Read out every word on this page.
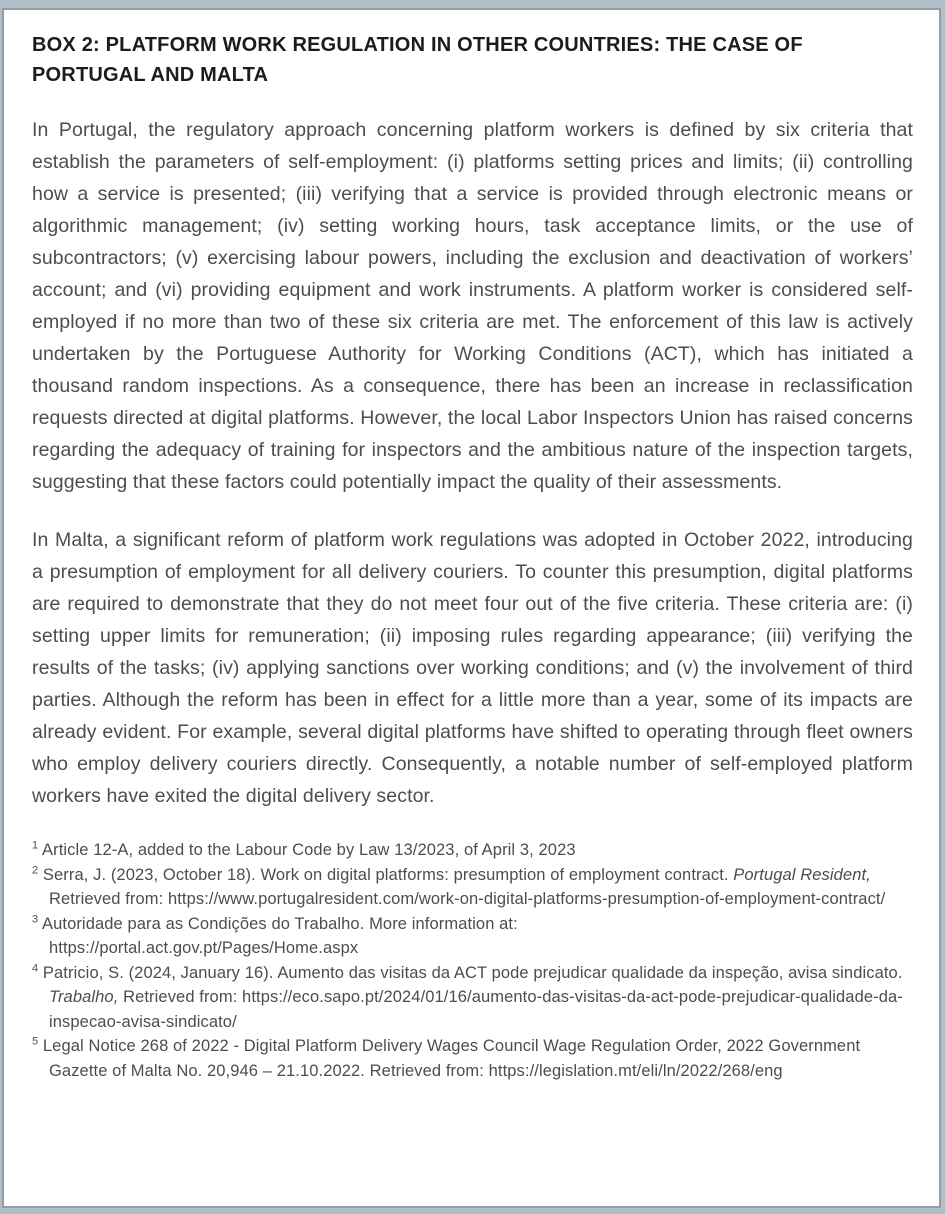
BOX 2: PLATFORM WORK REGULATION IN OTHER COUNTRIES: THE CASE OF PORTUGAL AND MALTA

In Portugal, the regulatory approach concerning platform workers is defined by six criteria that establish the parameters of self-employment: (i) platforms setting prices and limits; (ii) controlling how a service is presented; (iii) verifying that a service is provided through electronic means or algorithmic management; (iv) setting working hours, task acceptance limits, or the use of subcontractors; (v) exercising labour powers, including the exclusion and deactivation of workers’ account; and (vi) providing equipment and work instruments. A platform worker is considered self-employed if no more than two of these six criteria are met. The enforcement of this law is actively undertaken by the Portuguese Authority for Working Conditions (ACT), which has initiated a thousand random inspections. As a consequence, there has been an increase in reclassification requests directed at digital platforms. However, the local Labor Inspectors Union has raised concerns regarding the adequacy of training for inspectors and the ambitious nature of the inspection targets, suggesting that these factors could potentially impact the quality of their assessments.

In Malta, a significant reform of platform work regulations was adopted in October 2022, introducing a presumption of employment for all delivery couriers. To counter this presumption, digital platforms are required to demonstrate that they do not meet four out of the five criteria. These criteria are: (i) setting upper limits for remuneration; (ii) imposing rules regarding appearance; (iii) verifying the results of the tasks; (iv) applying sanctions over working conditions; and (v) the involvement of third parties. Although the reform has been in effect for a little more than a year, some of its impacts are already evident. For example, several digital platforms have shifted to operating through fleet owners who employ delivery couriers directly. Consequently, a notable number of self-employed platform workers have exited the digital delivery sector.

$^1$ Article 12-A, added to the Labour Code by Law 13/2023, of April 3, 2023
$^2$ Serra, J. (2023, October 18). Work on digital platforms: presumption of employment contract. Portugal Resident, Retrieved from: https://www.portugalresident.com/work-on-digital-platforms-presumption-of-employment-contract/
$^3$ Autoridade para as Condições do Trabalho. More information at:
https://portal.act.gov.pt/Pages/Home.aspx
$^4$ Patricio, S. (2024, January 16). Aumento das visitas da ACT pode prejudicar qualidade da inspeção, avisa sindicato. Trabalho, Retrieved from: https://eco.sapo.pt/2024/01/16/aumento-das-visitas-da-act-pode-prejudicar-qualidade-da-inspecao-avisa-sindicato/
$^5$ Legal Notice 268 of 2022 - Digital Platform Delivery Wages Council Wage Regulation Order, 2022 Government Gazette of Malta No. 20,946 – 21.10.2022. Retrieved from: https://legislation.mt/eli/ln/2022/268/eng
